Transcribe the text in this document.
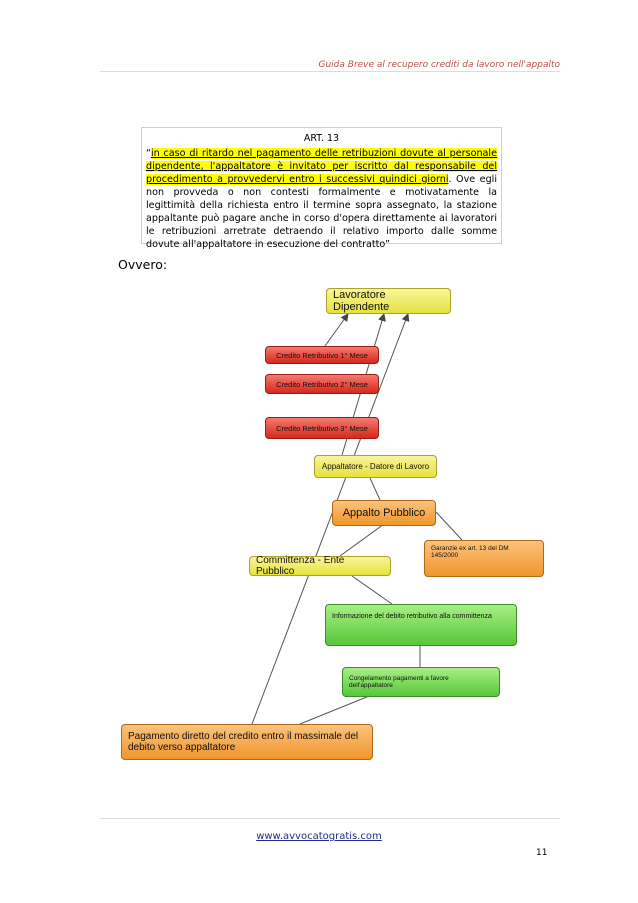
Guida Breve al recupero crediti da lavoro nell'appalto
ART. 13
“in caso di ritardo nel pagamento delle retribuzioni dovute al personale dipendente, l'appaltatore è invitato per iscritto dal responsabile del procedimento a provvedervi entro i successivi quindici giorni. Ove egli non provveda o non contesti formalmente e motivatamente la legittimità della richiesta entro il termine sopra assegnato, la stazione appaltante può pagare anche in corso d'opera direttamente ai lavoratori le retribuzioni arretrate detraendo il relativo importo dalle somme dovute all'appaltatore in esecuzione del contratto”
Ovvero:
Lavoratore Dipendente
Credito Retributivo 1° Mese
Credito Retributivo 2° Mese
Credito Retributivo 3° Mese
Appaltatore - Datore di Lavoro
Appalto Pubblico
Garanzie ex art. 13 del DM 145/2000
Committenza - Ente Pubblico
Informazione del debito retributivo alla committenza
Congelamento pagamenti a favore dell'appaltatore
Pagamento diretto del credito entro il massimale del debito verso appaltatore
www.avvocatogratis.com
11
